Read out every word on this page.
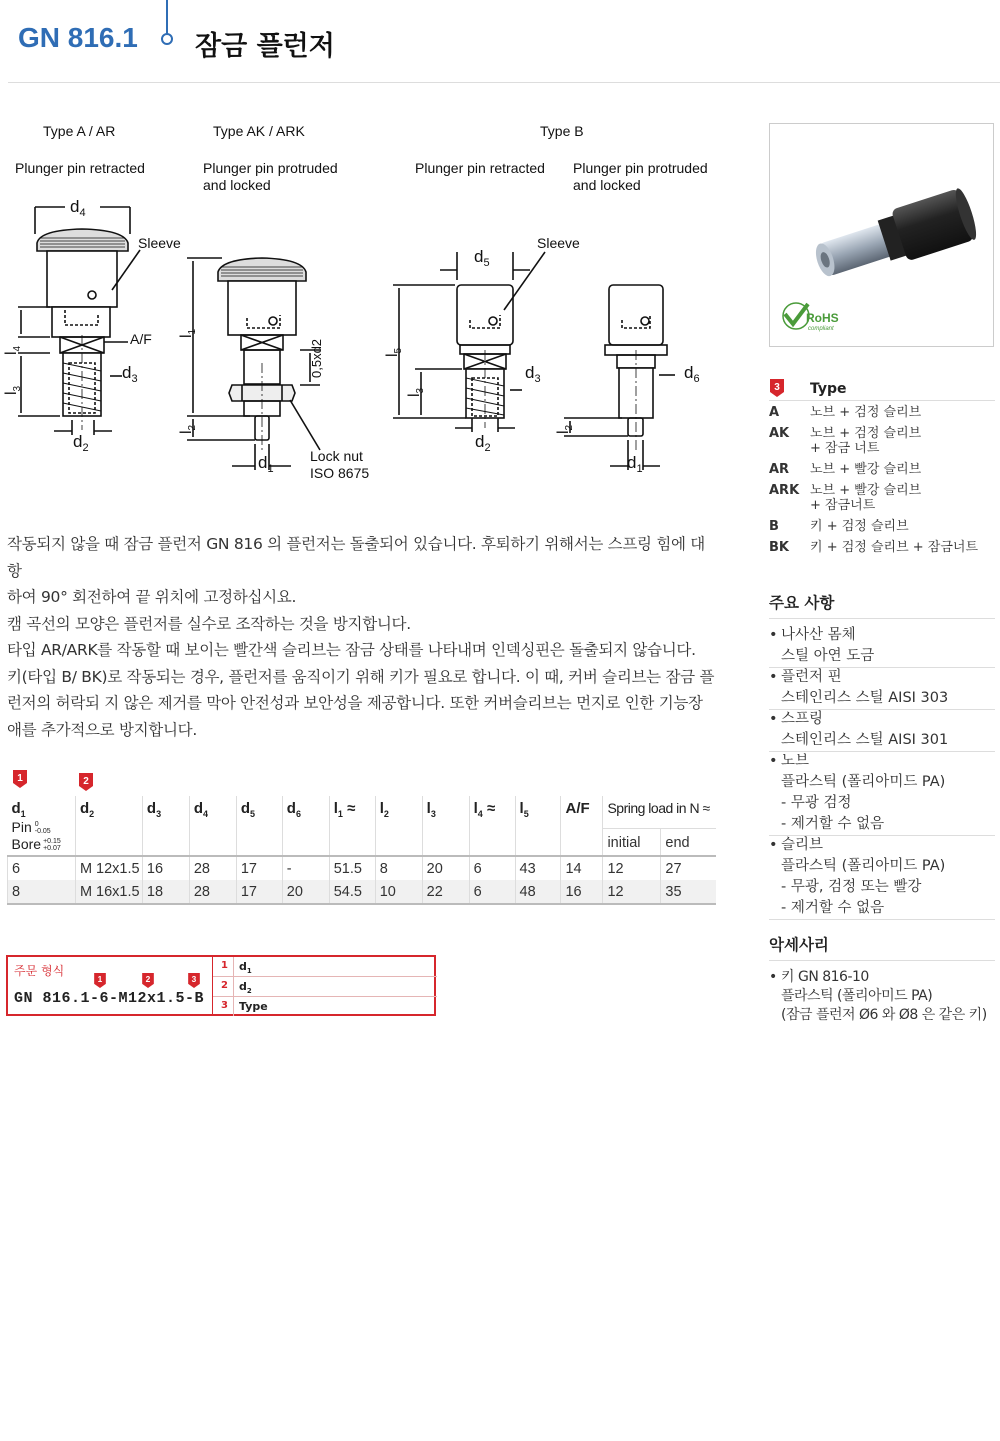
GN 816.1 잠금 플런저
Type A / AR	Type AK / ARK	Type B
Plunger pin retracted	Plunger pin protruded
and locked
Plunger pin retracted Plunger pin protruded
and locked
Sleeve	Sleeve
A/F
Lock nut
ISO 8675
$d_4$
$d_3$
$d_2$
$d_1$
$d_5$
$d_3$
$d_2$
$d_6$
$d_1$
$l_4$
$l_3$
$l_1$
$l_2$
0,5xd2	$l_5$
$l_3$
$l_2$

작동되지 않을 때 잠금 플런저 GN 816 의 플런저는 돌출되어 있습니다. 후퇴하기 위해서는 스프링 힘에 대항

하여 90° 회전하여 끝 위치에 고정하십시요.

캠 곡선의 모양은 플런저를 실수로 조작하는 것을 방지합니다.

타입 AR/ARK를 작동할 때 보이는 빨간색 슬리브는 잠금 상태를 나타내며 인덱싱핀은 돌출되지 않습니다.

키(타입 B/ BK)로 작동되는 경우, 플런저를 움직이기 위해 키가 필요로 합니다. 이 때, 커버 슬리브는 잠금 플

런저의 허락되 지 않은 제거를 막아 안전성과 보안성을 제공합니다. 또한 커버슬리브는 먼지로 인한 기능장

애를 추가적으로 방지합니다.

1	2
$d_1$
Pin 0
-0.05
Bore +0.15
+0.07	$d_2$	$d_3$	$d_4$	$d_5$	$d_6$	$l_1$ ≈	$l_2$	$l_3$	$l_4$ ≈	$l_5$	A/F	Spring load in N ≈	
												initial	end
6	M 12x1.5	16	28	17	-	51.5	8	20	6	43	14	12	27
8	M 16x1.5	18	28	17	20	54.5	10	22	6	48	16	12	35
주문 형식
1	2	3
GN 816.1-6-M12x1.5-B
1 $d_1$
2 $d_2$
3 Type
RoHS
compliant
3 Type
A	노브 + 검정 슬리브
AK	노브 + 검정 슬리브
+ 잠금 너트
AR	노브 + 빨강 슬리브
ARK 노브 + 빨강 슬리브
+ 잠금너트
B	키 + 검정 슬리브
BK	키 + 검정 슬리브 + 잠금너트
주요 사항
• 나사산 몸체
스틸 아연 도금
• 플런저 핀
스테인리스 스틸 AISI 303
• 스프링
스테인리스 스틸 AISI 301
• 노브
플라스틱 (폴리아미드 PA)
- 무광 검정
- 제거할 수 없음
• 슬리브
플라스틱 (폴리아미드 PA)
- 무광, 검정 또는 빨강
- 제거할 수 없음
악세사리
• 키 GN 816-10
플라스틱 (폴리아미드 PA)
(잠금 플런저 Ø6 와 Ø8 은 같은 키)
